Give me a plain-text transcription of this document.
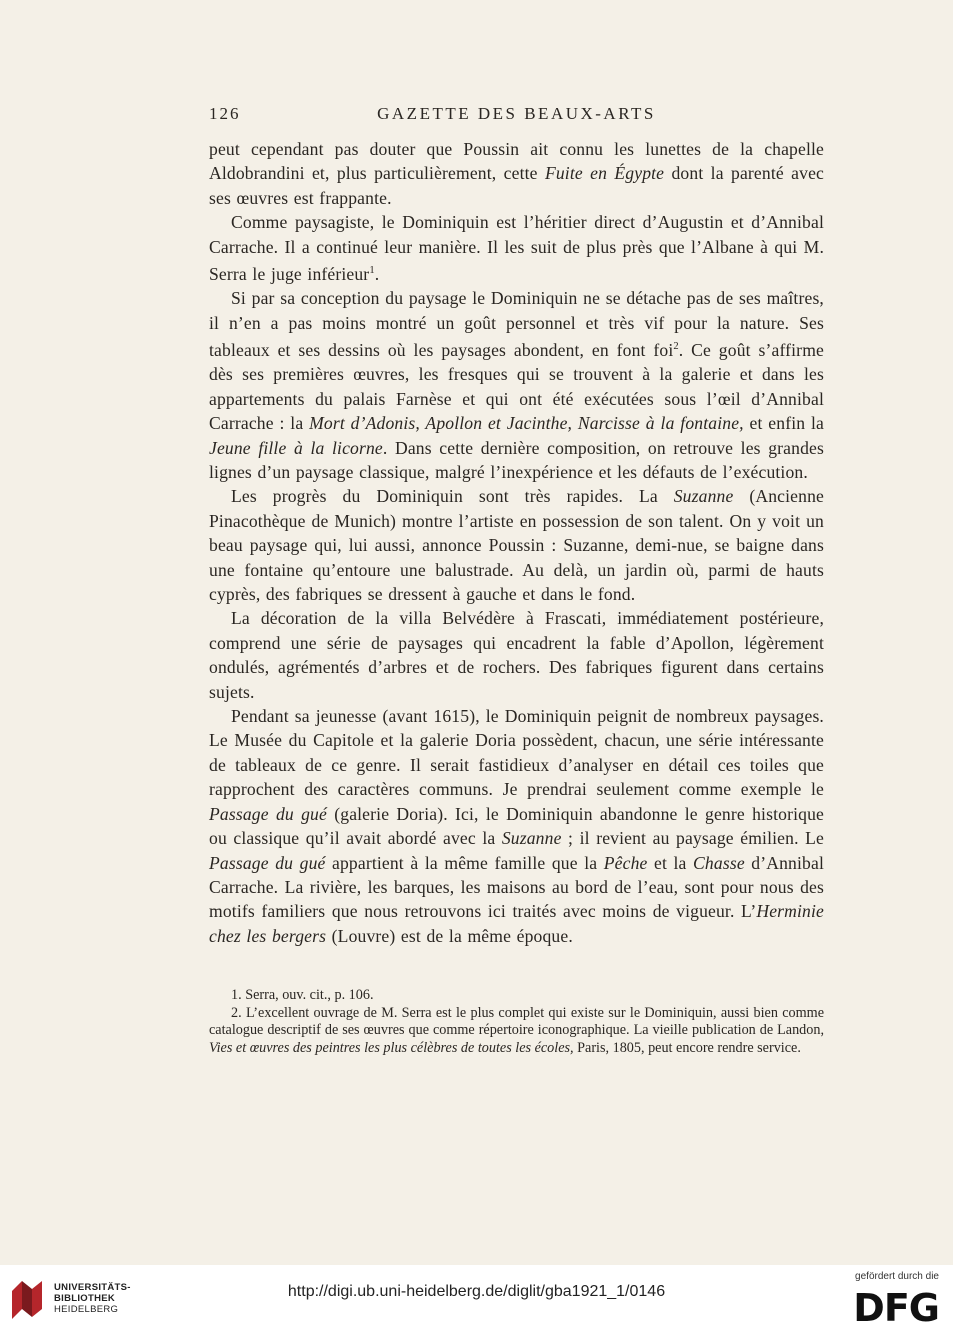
126	GAZETTE DES BEAUX-ARTS

peut cependant pas douter que Poussin ait connu les lunettes de la chapelle Aldobrandini et, plus particulièrement, cette Fuite en Égypte dont la parenté avec ses œuvres est frappante.

Comme paysagiste, le Dominiquin est l’héritier direct d’Augustin et d’Annibal Carrache. Il a continué leur manière. Il les suit de plus près que l’Albane à qui M. Serra le juge inférieur$^1$.

Si par sa conception du paysage le Dominiquin ne se détache pas de ses maîtres, il n’en a pas moins montré un goût personnel et très vif pour la nature. Ses tableaux et ses dessins où les paysages abondent, en font foi$^2$. Ce goût s’affirme dès ses premières œuvres, les fresques qui se trouvent à la galerie et dans les appartements du palais Farnèse et qui ont été exécutées sous l’œil d’Annibal Carrache : la Mort d’Adonis, Apollon et Jacinthe, Narcisse à la fontaine, et enfin la Jeune fille à la licorne. Dans cette dernière composition, on retrouve les grandes lignes d’un paysage classique, malgré l’inexpérience et les défauts de l’exécution.

Les progrès du Dominiquin sont très rapides. La Suzanne (Ancienne Pinacothèque de Munich) montre l’artiste en possession de son talent. On y voit un beau paysage qui, lui aussi, annonce Poussin : Suzanne, demi-nue, se baigne dans une fontaine qu’entoure une balustrade. Au delà, un jardin où, parmi de hauts cyprès, des fabriques se dressent à gauche et dans le fond.

La décoration de la villa Belvédère à Frascati, immédiatement postérieure, comprend une série de paysages qui encadrent la fable d’Apollon, légèrement ondulés, agrémentés d’arbres et de rochers. Des fabriques figurent dans certains sujets.

Pendant sa jeunesse (avant 1615), le Dominiquin peignit de nombreux paysages. Le Musée du Capitole et la galerie Doria possèdent, chacun, une série intéressante de tableaux de ce genre. Il serait fastidieux d’analyser en détail ces toiles que rapprochent des caractères communs. Je prendrai seulement comme exemple le Passage du gué (galerie Doria). Ici, le Dominiquin abandonne le genre historique ou classique qu’il avait abordé avec la Suzanne ; il revient au paysage émilien. Le Passage du gué appartient à la même famille que la Pêche et la Chasse d’Annibal Carrache. La rivière, les barques, les maisons au bord de l’eau, sont pour nous des motifs familiers que nous retrouvons ici traités avec moins de vigueur. L’Herminie chez les bergers (Louvre) est de la même époque.

1. Serra, ouv. cit., p. 106.

2. L’excellent ouvrage de M. Serra est le plus complet qui existe sur le Dominiquin, aussi bien comme catalogue descriptif de ses œuvres que comme répertoire iconographique. La vieille publication de Landon, Vies et œuvres des peintres les plus célèbres de toutes les écoles, Paris, 1805, peut encore rendre service.

UNIVERSITÄTS-
BIBLIOTHEK
HEIDELBERG
http://digi.ub.uni-heidelberg.de/diglit/gba1921_1/0146
gefördert durch die
DFG
